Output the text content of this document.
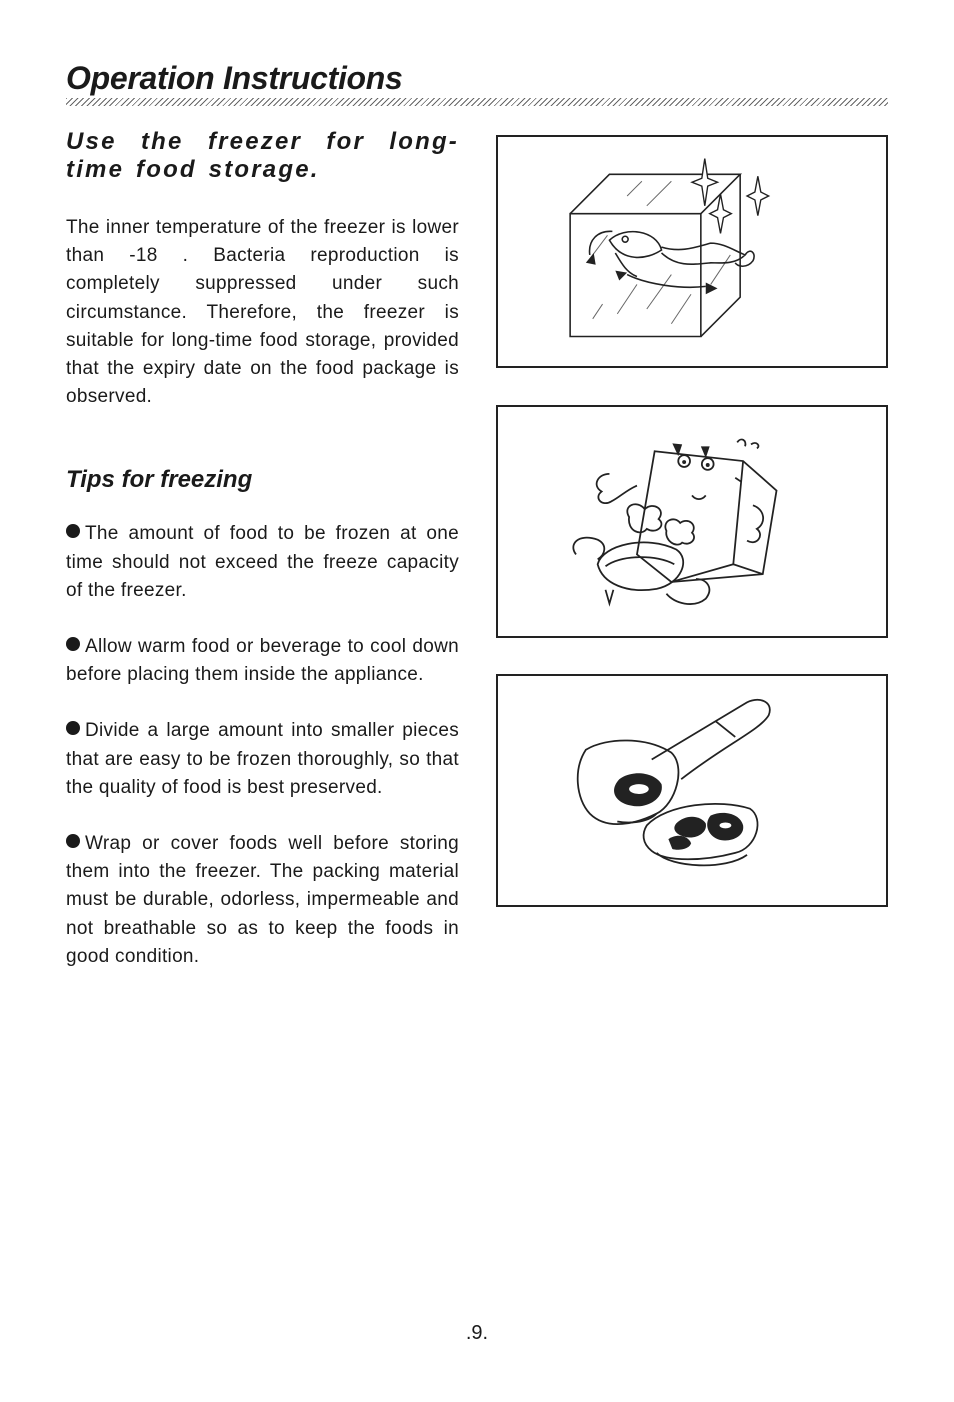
Operation Instructions
Use the freezer for long-time food storage.

The inner temperature of the freezer is lower than -18 . Bacteria reproduction is completely suppressed under such circumstance. Therefore, the freezer is suitable for long-time food storage, provided that the expiry date on the food package is observed.

Tips for freezing
The amount of food to be frozen at one time should not exceed the freeze capacity of the freezer.
Allow warm food or beverage to cool down before placing them inside the appliance.
Divide a large amount into smaller pieces that are easy to be frozen thoroughly, so that the quality of food is best preserved.
Wrap or cover foods well before storing them into the freezer. The packing material must be durable, odorless, impermeable and not breathable so as to keep the foods in good condition.
.9.
